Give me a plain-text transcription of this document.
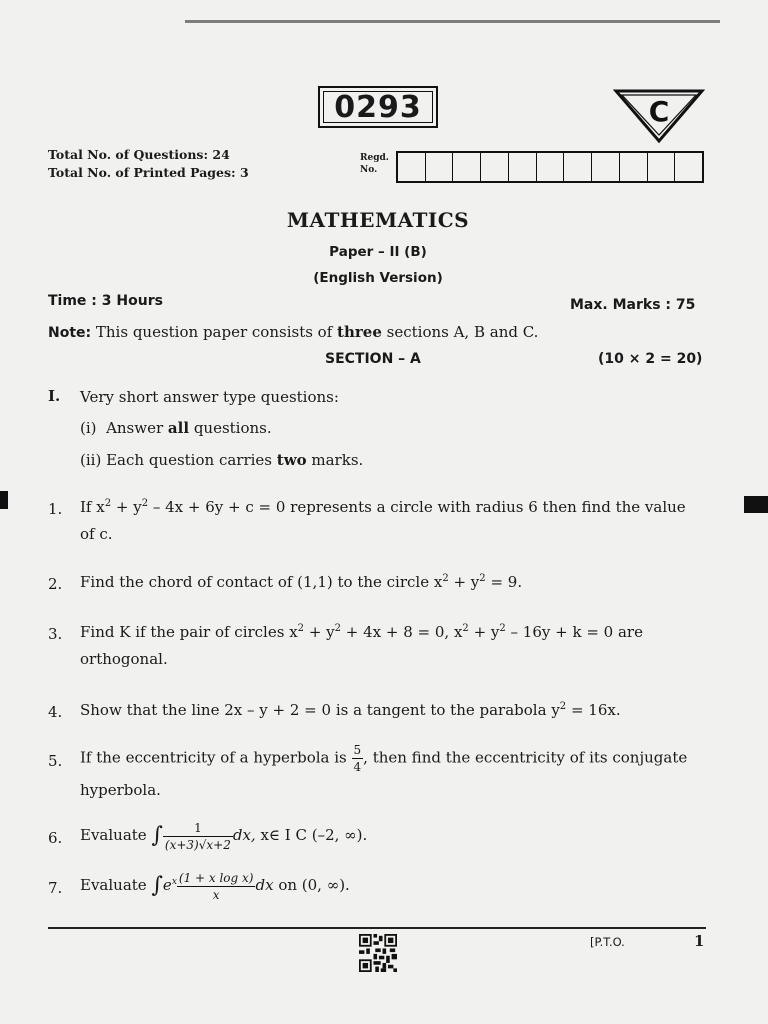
0293	C
Total No. of Questions: 24
Total No. of Printed Pages: 3
Regd.
No.
MATHEMATICS
Paper – II (B)
(English Version)
Time : 3 Hours	Max. Marks : 75
Note: This question paper consists of three sections A, B and C.
SECTION – A	(10 × 2 = 20)
I. Very short answer type questions:
(i) Answer all questions.
(ii) Each question carries two marks.
1. If $x^2 + y^2 - 4x + 6y + c = 0$ represents a circle with radius 6 then find the value
of c.
2. Find the chord of contact of (1,1) to the circle $x^2 + y^2 = 9$.
3. Find K if the pair of circles $x^2 + y^2 + 4x + 8 = 0$, $x^2 + y^2 - 16y + k = 0$ are
orthogonal.
4. Show that the line 2x – y + 2 = 0 is a tangent to the parabola $y^2 = 16x$.
5. If the eccentricity of a hyperbola is $\frac{5}{4}$ , then find the eccentricity of its conjugate
hyperbola.
6. Evaluate ∫ $\frac{1}{(x+3)√x+2}$ dx, x∈ I C (–2, ∞).
7. Evaluate $\int e^x \frac{\text{(1 + x log x)}}{x}$ dx on (0, ∞).
[P.T.O.	1
